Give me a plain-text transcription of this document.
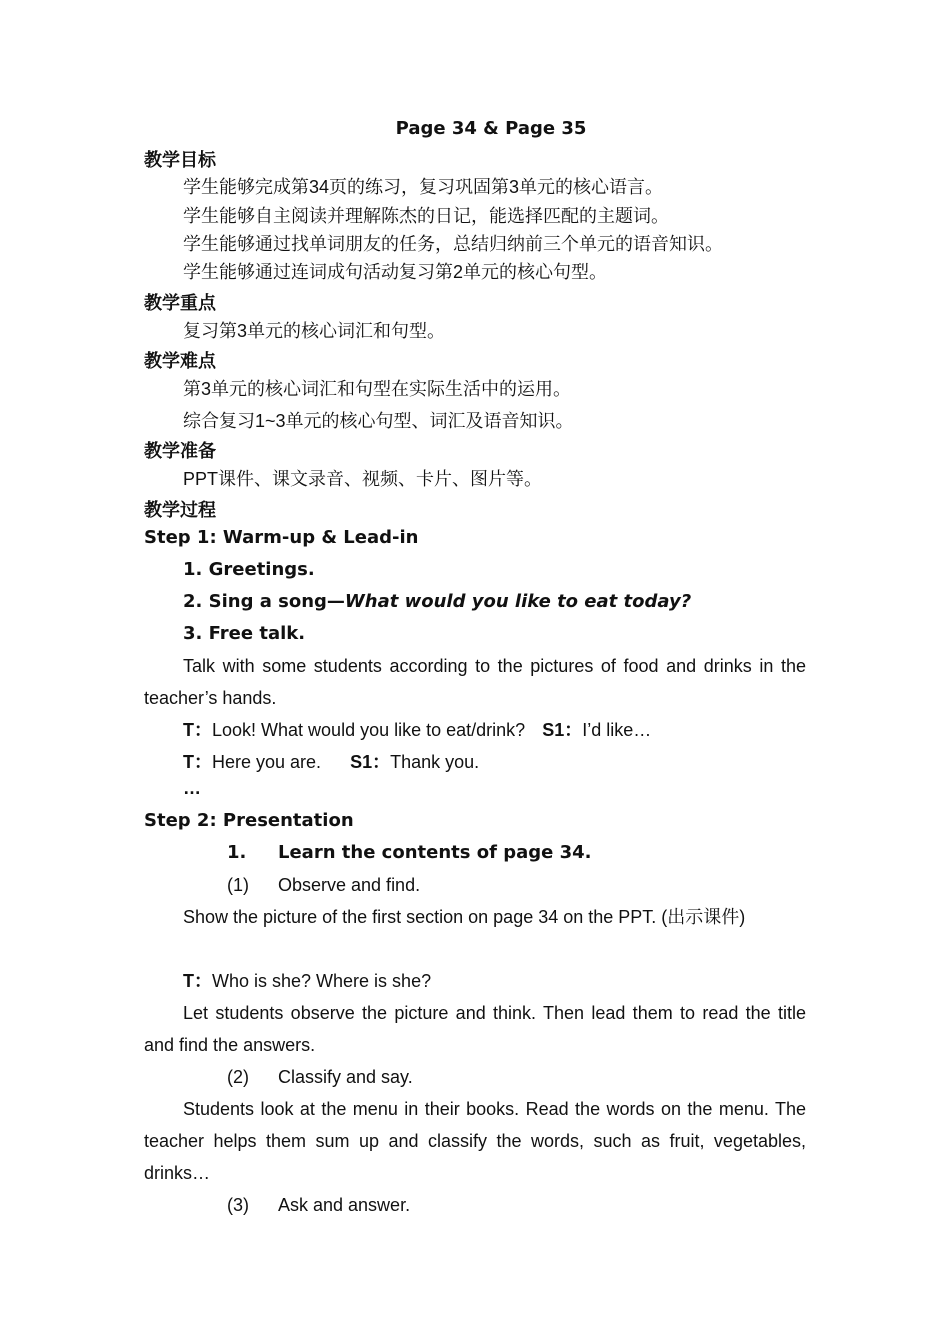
Page 34 & Page 35
教学目标
学生能够完成第34页的练习，复习巩固第3单元的核心语言。
学生能够自主阅读并理解陈杰的日记，能选择匹配的主题词。
学生能够通过找单词朋友的任务，总结归纳前三个单元的语音知识。
学生能够通过连词成句活动复习第2单元的核心句型。
教学重点
复习第3单元的核心词汇和句型。
教学难点
第3单元的核心词汇和句型在实际生活中的运用。
综合复习1~3单元的核心句型、词汇及语音知识。
教学准备
PPT课件、课文录音、视频、卡片、图片等。
教学过程
Step 1: Warm-up & Lead-in
1. Greetings.
2. Sing a song—What would you like to eat today?
3. Free talk.
Talk with some students according to the pictures of food and drinks in the teacher’s hands.
T：Look! What would you like to eat/drink? S1：I’d like…
T：Here you are. S1：Thank you.
…
Step 2: Presentation
1. Learn the contents of page 34.
(1) Observe and find.
Show the picture of the first section on page 34 on the PPT. (出示课件)
T：Who is she? Where is she?
Let students observe the picture and think. Then lead them to read the title and find the answers.
(2) Classify and say.
Students look at the menu in their books. Read the words on the menu. The teacher helps them sum up and classify the words, such as fruit, vegetables, drinks…
(3) Ask and answer.
